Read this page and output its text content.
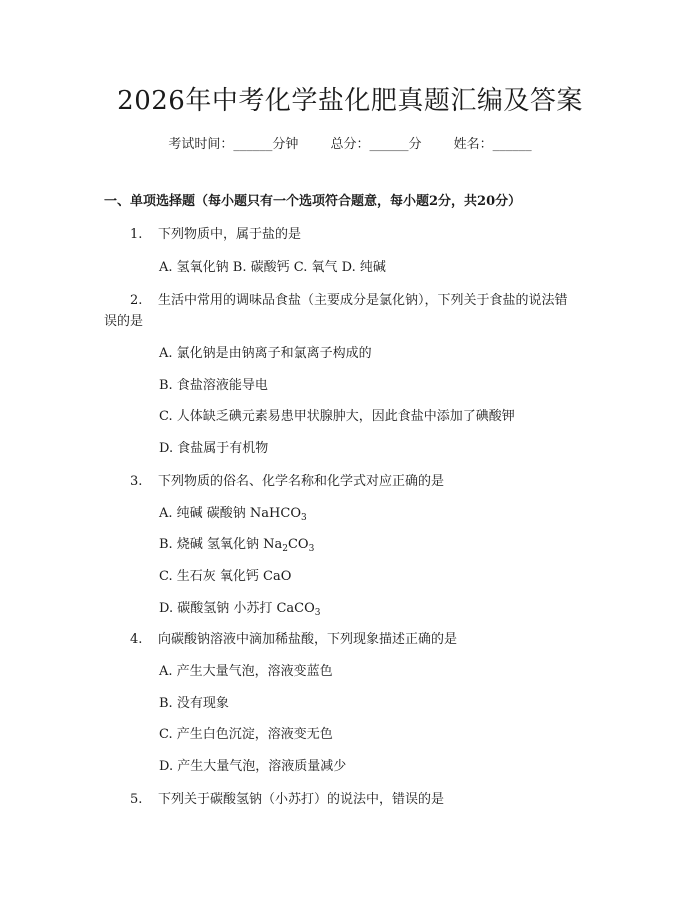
2026年中考化学盐化肥真题汇编及答案
考试时间：______分钟 总分：______分 姓名：______
一、单项选择题（每小题只有一个选项符合题意，每小题2分，共20分）
1. 下列物质中，属于盐的是
A. 氢氧化钠 B. 碳酸钙 C. 氧气 D. 纯碱
2. 生活中常用的调味品食盐（主要成分是氯化钠），下列关于食盐的说法错
误的是
A. 氯化钠是由钠离子和氯离子构成的
B. 食盐溶液能导电
C. 人体缺乏碘元素易患甲状腺肿大，因此食盐中添加了碘酸钾
D. 食盐属于有机物
3. 下列物质的俗名、化学名称和化学式对应正确的是
A. 纯碱 碳酸钠 NaHCO$_3$
B. 烧碱 氢氧化钠 $Na_2CO_3$
C. 生石灰 氧化钙 CaO
D. 碳酸氢钠 小苏打 CaCO$_3$
4. 向碳酸钠溶液中滴加稀盐酸，下列现象描述正确的是
A. 产生大量气泡，溶液变蓝色
B. 没有现象
C. 产生白色沉淀，溶液变无色
D. 产生大量气泡，溶液质量减少
5. 下列关于碳酸氢钠（小苏打）的说法中，错误的是
